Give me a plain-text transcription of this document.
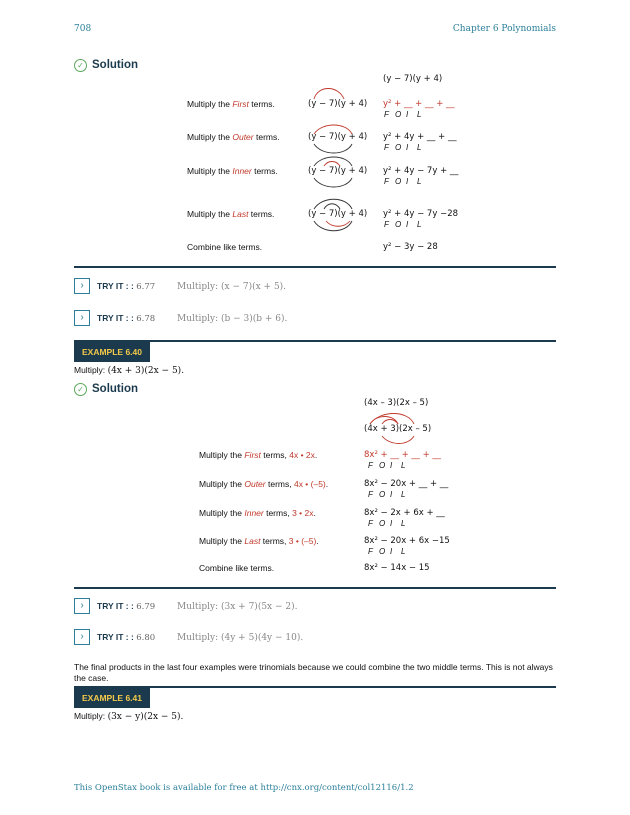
708	Chapter 6 Polynomials
✓ Solution
(y − 7)(y + 4)
Multiply the First terms.	(y − 7)(y + 4) y² + __ + __ + __
F O I L
Multiply the Outer terms.	(y − 7)(y + 4) y² + 4y + __ + __
F O I L
Multiply the Inner terms.	(y − 7)(y + 4) y² + 4y − 7y + __
F O I L
Multiply the Last terms.	(y − 7)(y + 4) y² + 4y − 7y −28
F O I L
Combine like terms.	y² − 3y − 28
›	TRY IT : : 6.77 Multiply: (x − 7)(x + 5).
›	TRY IT : : 6.78 Multiply: (b − 3)(b + 6).
EXAMPLE 6.40
Multiply: (4x + 3)(2x − 5).
✓ Solution
(4x – 3)(2x – 5)
(4x + 3)(2x – 5)
Multiply the First terms, 4x • 2x.	8x² + __ + __ + __
F O I L
Multiply the Outer terms, 4x • (–5).	8x² − 20x + __ + __
F O I L
Multiply the Inner terms, 3 • 2x.	8x² − 2x + 6x + __
F O I L
Multiply the Last terms, 3 • (–5).	8x² − 20x + 6x −15
F O I L
Combine like terms.	8x² − 14x − 15
›	TRY IT : : 6.79 Multiply: (3x + 7)(5x − 2).
›	TRY IT : : 6.80 Multiply: (4y + 5)(4y − 10).
The final products in the last four examples were trinomials because we could combine the two middle terms. This is not always the case.
EXAMPLE 6.41
Multiply: (3x − y)(2x − 5).
This OpenStax book is available for free at http://cnx.org/content/col12116/1.2
